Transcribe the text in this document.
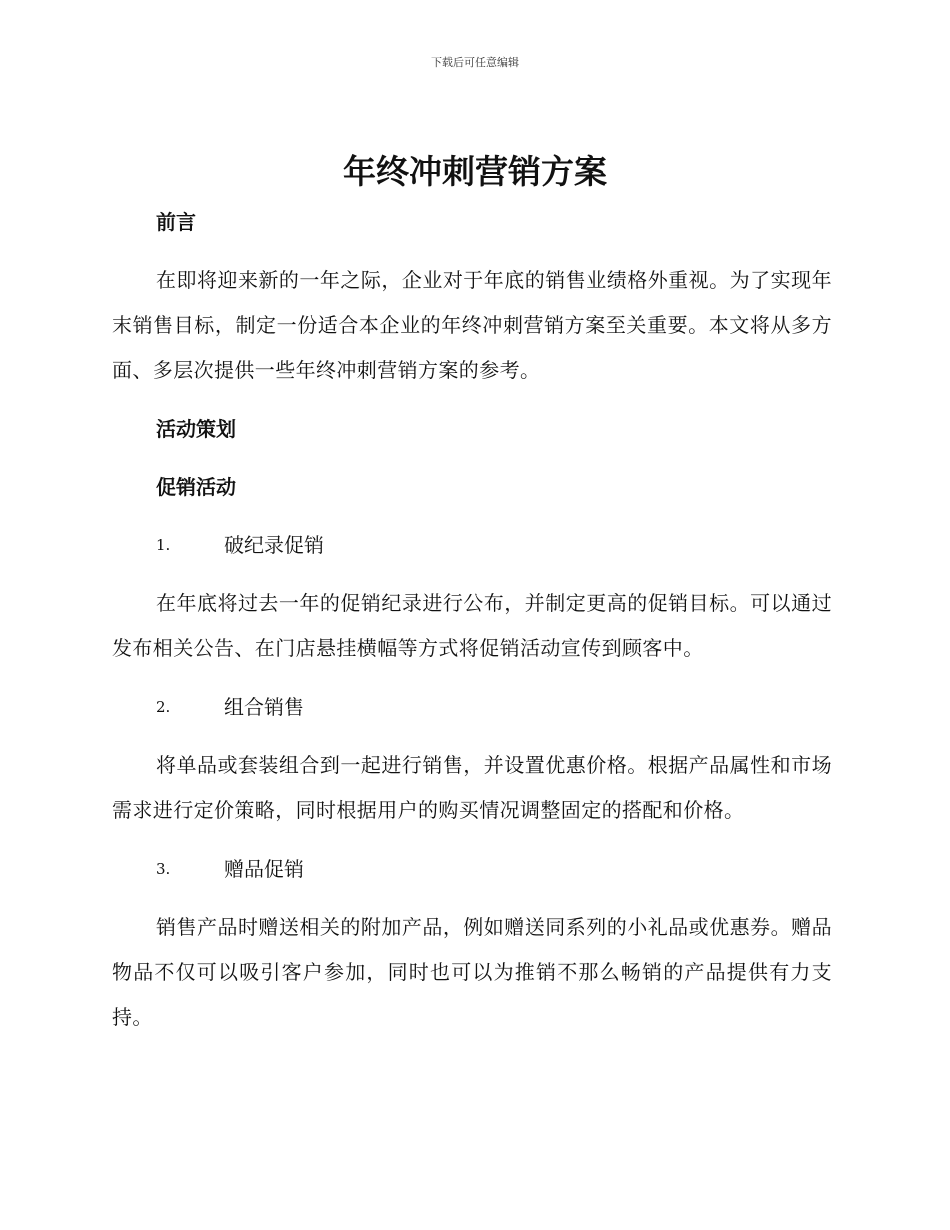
下载后可任意编辑
年终冲刺营销方案
前言

在即将迎来新的一年之际，企业对于年底的销售业绩格外重视。为了实现年末销售目标，制定一份适合本企业的年终冲刺营销方案至关重要。本文将从多方面、多层次提供一些年终冲刺营销方案的参考。

活动策划
促销活动
1.	破纪录促销

在年底将过去一年的促销纪录进行公布，并制定更高的促销目标。可以通过发布相关公告、在门店悬挂横幅等方式将促销活动宣传到顾客中。

2.	组合销售

将单品或套装组合到一起进行销售，并设置优惠价格。根据产品属性和市场需求进行定价策略，同时根据用户的购买情况调整固定的搭配和价格。

3.	赠品促销

销售产品时赠送相关的附加产品，例如赠送同系列的小礼品或优惠券。赠品物品不仅可以吸引客户参加，同时也可以为推销不那么畅销的产品提供有力支持。
